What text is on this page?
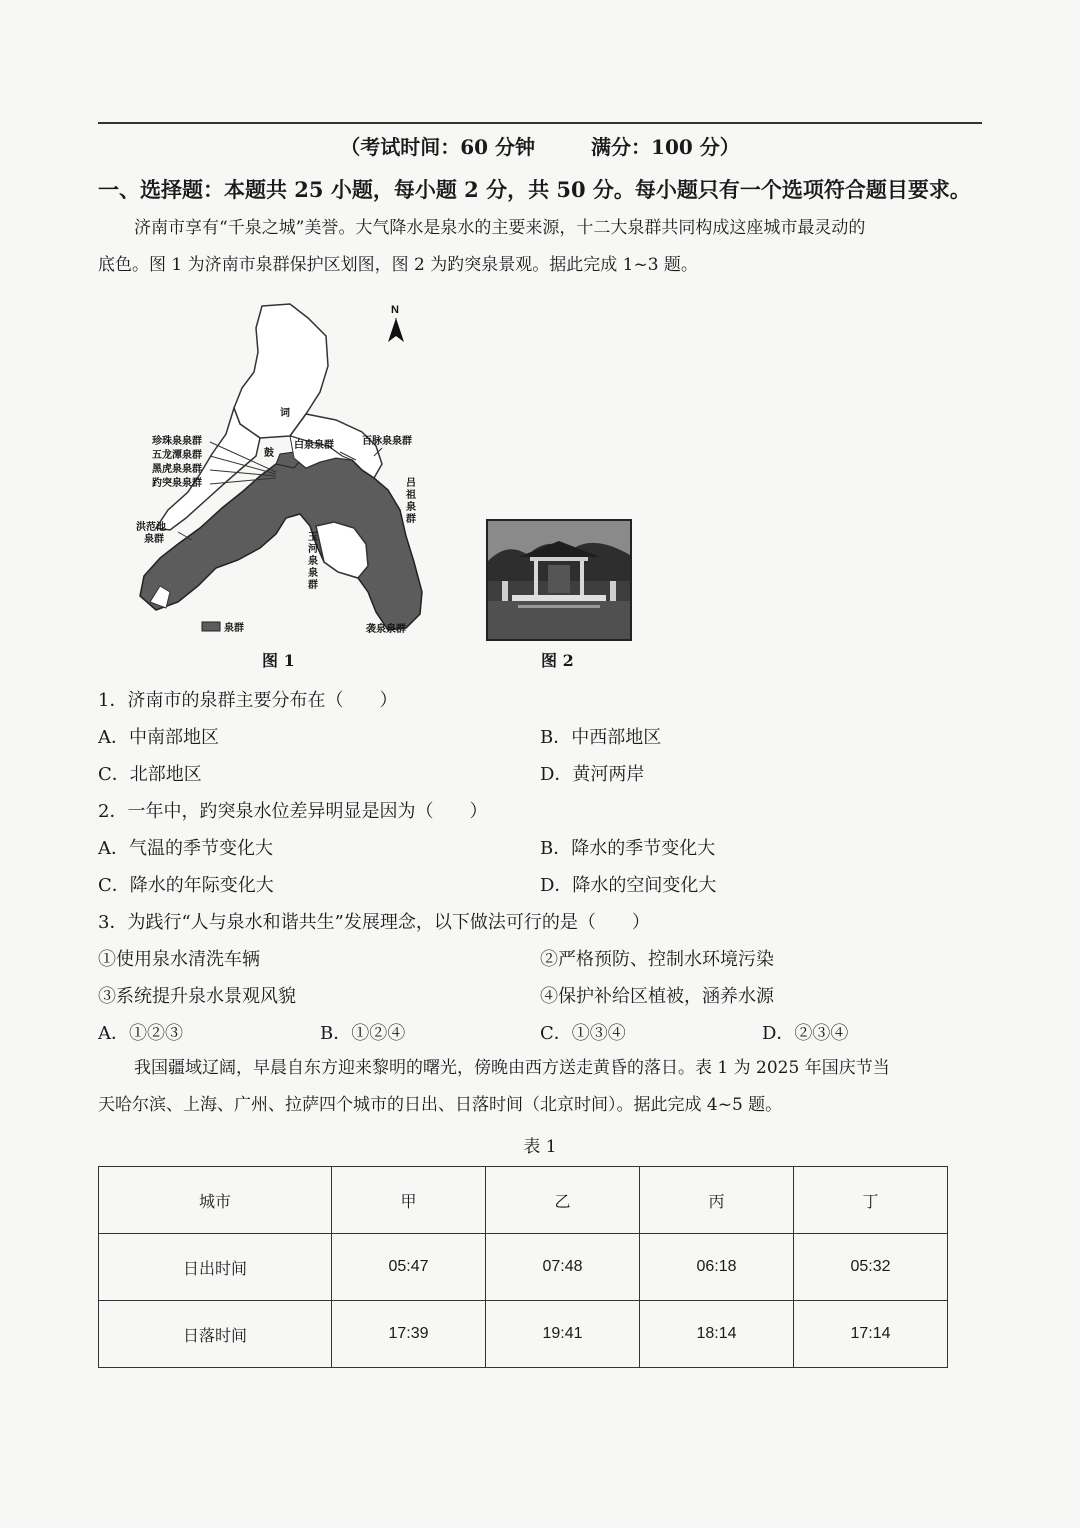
（考试时间：60 分钟	满分：100 分）
一、选择题：本题共 25 小题，每小题 2 分，共 50 分。每小题只有一个选项符合题目要求。
济南市享有“千泉之城”美誉。大气降水是泉水的主要来源，十二大泉群共同构成这座城市最灵动的
底色。图 1 为济南市泉群保护区划图，图 2 为趵突泉景观。据此完成 1~3 题。
N
珍珠泉泉群
五龙潭泉群
黑虎泉泉群
趵突泉泉群
洪范池
泉群
白泉泉群	百脉泉泉群
词
鼓
吕
祖
泉
群
玉
河
泉
泉
群
袭泉泉群
泉群
图 1	图 2
1．济南市的泉群主要分布在（　　）
A．中南部地区	B．中西部地区
C．北部地区	D．黄河两岸
2．一年中，趵突泉水位差异明显是因为（　　）
A．气温的季节变化大	B．降水的季节变化大
C．降水的年际变化大	D．降水的空间变化大
3．为践行“人与泉水和谐共生”发展理念，以下做法可行的是（　　）
①使用泉水清洗车辆	②严格预防、控制水环境污染
③系统提升泉水景观风貌	④保护补给区植被，涵养水源
A．①②③	B．①②④	C．①③④	D．②③④
我国疆域辽阔，早晨自东方迎来黎明的曙光，傍晚由西方送走黄昏的落日。表 1 为 2025 年国庆节当
天哈尔滨、上海、广州、拉萨四个城市的日出、日落时间（北京时间）。据此完成 4~5 题。
表 1
城市	甲	乙	丙	丁
日出时间	05:47	07:48	06:18	05:32
日落时间	17:39	19:41	18:14	17:14
